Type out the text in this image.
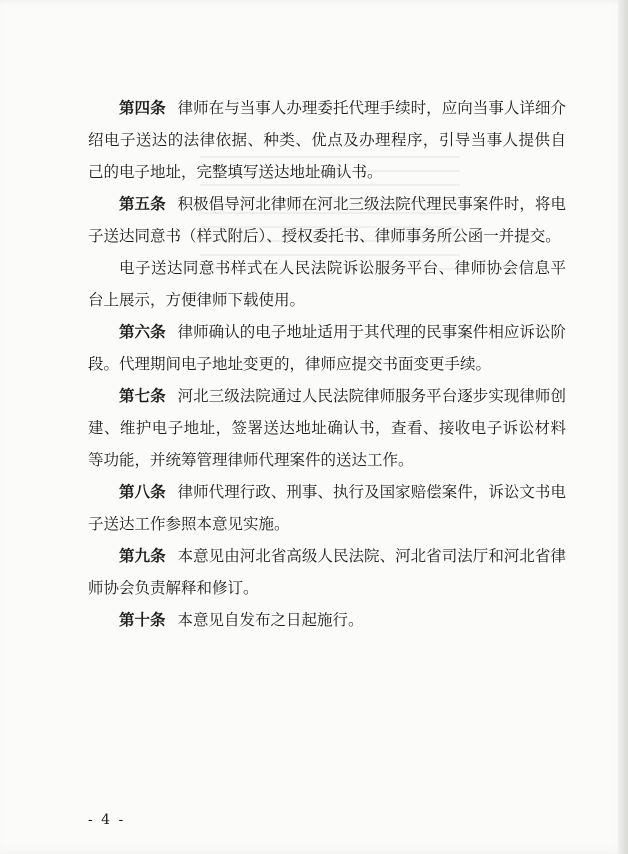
第四条 律师在与当事人办理委托代理手续时，应向当事人详细介绍电子送达的法律依据、种类、优点及办理程序，引导当事人提供自己的电子地址，完整填写送达地址确认书。

第五条 积极倡导河北律师在河北三级法院代理民事案件时，将电子送达同意书（样式附后）、授权委托书、律师事务所公函一并提交。

电子送达同意书样式在人民法院诉讼服务平台、律师协会信息平台上展示，方便律师下载使用。

第六条 律师确认的电子地址适用于其代理的民事案件相应诉讼阶段。代理期间电子地址变更的，律师应提交书面变更手续。

第七条 河北三级法院通过人民法院律师服务平台逐步实现律师创建、维护电子地址，签署送达地址确认书，查看、接收电子诉讼材料等功能，并统筹管理律师代理案件的送达工作。

第八条 律师代理行政、刑事、执行及国家赔偿案件，诉讼文书电子送达工作参照本意见实施。

第九条 本意见由河北省高级人民法院、河北省司法厅和河北省律师协会负责解释和修订。

第十条 本意见自发布之日起施行。

- 4 -
